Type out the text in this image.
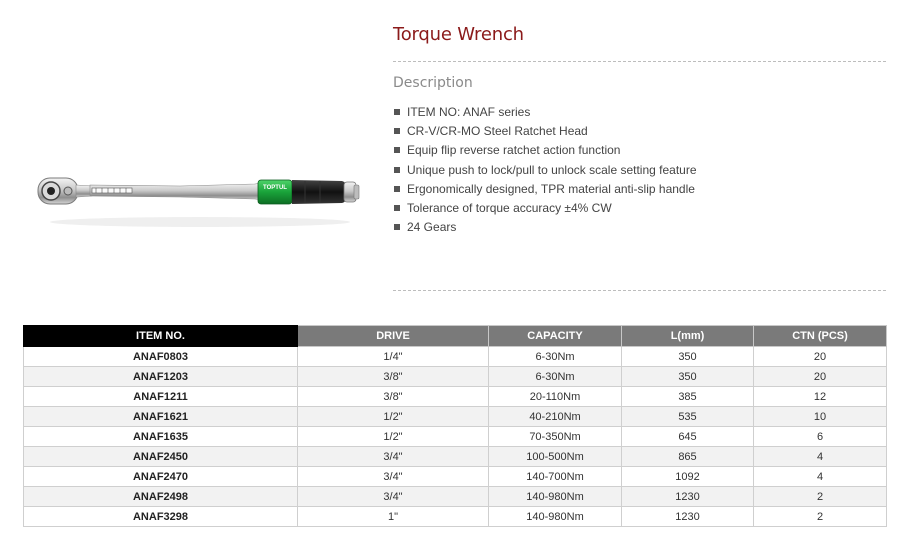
TOPTUL
Torque Wrench
Description
ITEM NO: ANAF series
CR-V/CR-MO Steel Ratchet Head
Equip flip reverse ratchet action function
Unique push to lock/pull to unlock scale setting feature
Ergonomically designed, TPR material anti-slip handle
Tolerance of torque accuracy ±4% CW
24 Gears
ITEM NO.	DRIVE	CAPACITY	L(mm)	CTN (PCS)
ANAF0803	1/4"	6-30Nm	350	20
ANAF1203	3/8"	6-30Nm	350	20
ANAF1211	3/8"	20-110Nm	385	12
ANAF1621	1/2"	40-210Nm	535	10
ANAF1635	1/2"	70-350Nm	645	6
ANAF2450	3/4"	100-500Nm	865	4
ANAF2470	3/4"	140-700Nm	1092	4
ANAF2498	3/4"	140-980Nm	1230	2
ANAF3298	1"	140-980Nm	1230	2
